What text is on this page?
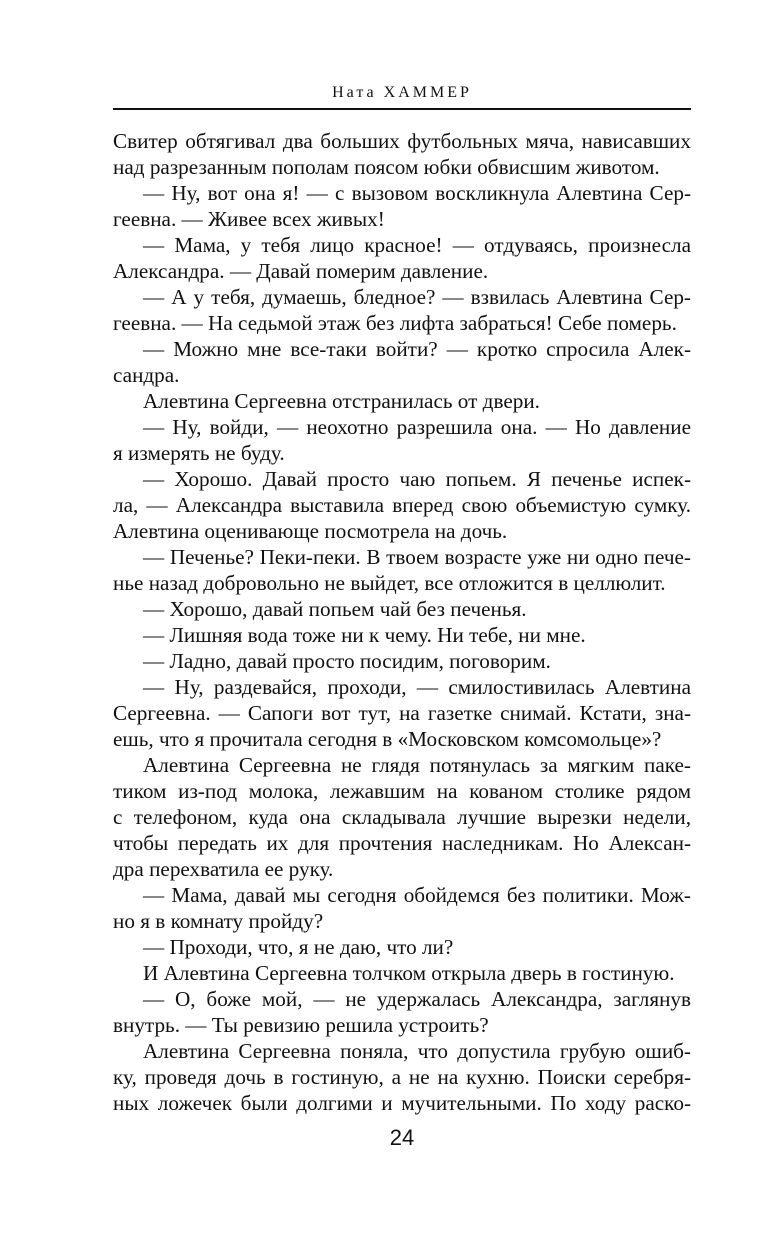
Ната ХАММЕР
Свитер обтягивал два больших футбольных мяча, нависавших
над разрезанным пополам поясом юбки обвисшим животом.
— Ну, вот она я! — с вызовом воскликнула Алевтина Сер-
геевна. — Живее всех живых!
— Мама, у тебя лицо красное! — отдуваясь, произнесла
Александра. — Давай померим давление.
— А у тебя, думаешь, бледное? — взвилась Алевтина Сер-
геевна. — На седьмой этаж без лифта забраться! Себе померь.
— Можно мне все-таки войти? — кротко спросила Алек-
сандра.
Алевтина Сергеевна отстранилась от двери.
— Ну, войди, — неохотно разрешила она. — Но давление
я измерять не буду.
— Хорошо. Давай просто чаю попьем. Я печенье испек-
ла, — Александра выставила вперед свою объемистую сумку.
Алевтина оценивающе посмотрела на дочь.
— Печенье? Пеки-пеки. В твоем возрасте уже ни одно пече-
нье назад добровольно не выйдет, все отложится в целлюлит.
— Хорошо, давай попьем чай без печенья.
— Лишняя вода тоже ни к чему. Ни тебе, ни мне.
— Ладно, давай просто посидим, поговорим.
— Ну, раздевайся, проходи, — смилостивилась Алевтина
Сергеевна. — Сапоги вот тут, на газетке снимай. Кстати, зна-
ешь, что я прочитала сегодня в «Московском комсомольце»?
Алевтина Сергеевна не глядя потянулась за мягким паке-
тиком из-под молока, лежавшим на кованом столике рядом
с телефоном, куда она складывала лучшие вырезки недели,
чтобы передать их для прочтения наследникам. Но Алексан-
дра перехватила ее руку.
— Мама, давай мы сегодня обойдемся без политики. Мож-
но я в комнату пройду?
— Проходи, что, я не даю, что ли?
И Алевтина Сергеевна толчком открыла дверь в гостиную.
— О, боже мой, — не удержалась Александра, заглянув
внутрь. — Ты ревизию решила устроить?
Алевтина Сергеевна поняла, что допустила грубую ошиб-
ку, проведя дочь в гостиную, а не на кухню. Поиски серебря-
ных ложечек были долгими и мучительными. По ходу раско-
24
